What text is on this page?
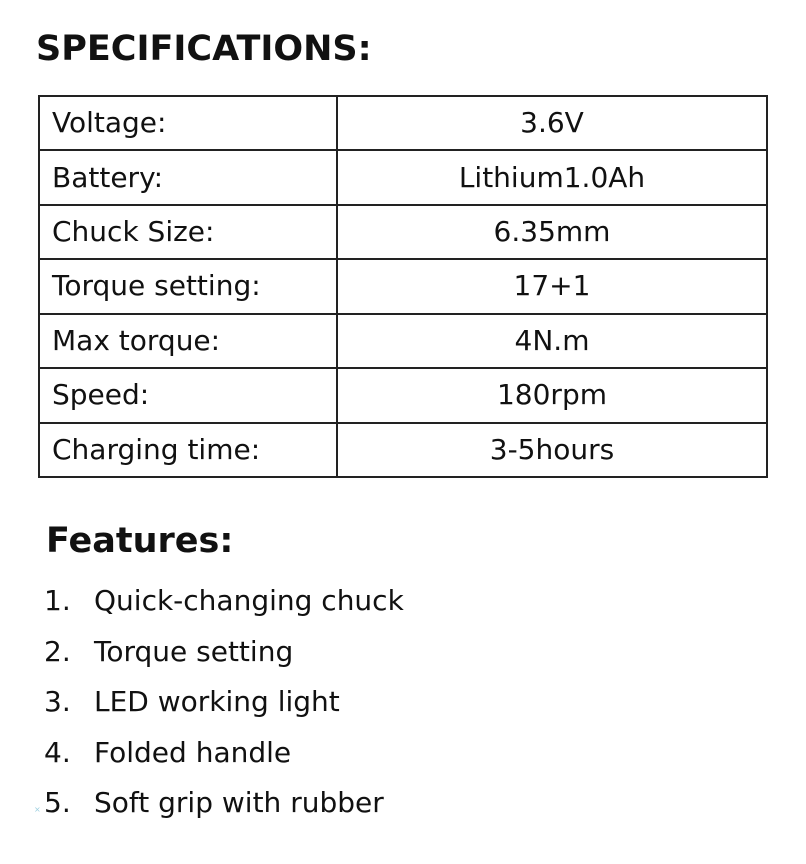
SPECIFICATIONS:
Voltage:	3.6V
Battery:	Lithium1.0Ah
Chuck Size:	6.35mm
Torque setting:	17+1
Max torque:	4N.m
Speed:	180rpm
Charging time:	3-5hours
Features:
1. Quick-changing chuck
2. Torque setting
3. LED working light
4. Folded handle
5. Soft grip with rubber
×
